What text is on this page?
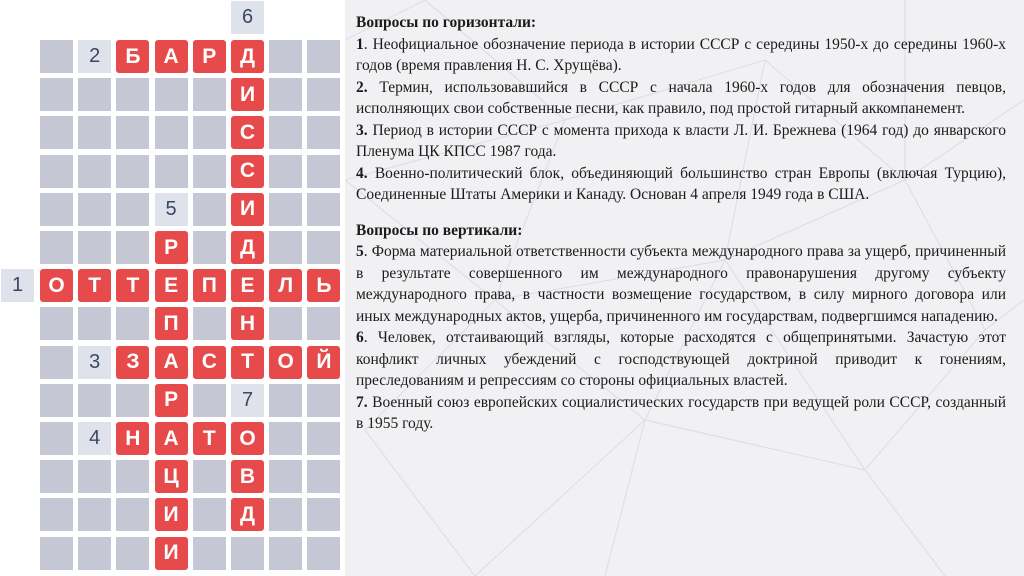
О	Т	Т	Е	П	Е	Л	Ь
Б	А	Р	Д
З	А	С	Т	О	Й
Н	А	Т	О
Р
П
Р
Ц
И
И
И
С
С
И
Д
Н
В
Д
1
2
3
4
5
6
7

Вопросы по горизонтали:

1. Неофициальное обозначение периода в истории СССР с середины 1950-х до середины 1960-х годов (время правления Н. С. Хрущёва).

2. Термин, использовавшийся в СССР с начала 1960-х годов для обозначения певцов, исполняющих свои собственные песни, как правило, под простой гитарный аккомпанемент.

3. Период в истории СССР с момента прихода к власти Л. И. Брежнева (1964 год) до январского Пленума ЦК КПСС 1987 года.

4. Военно-политический блок, объединяющий большинство стран Европы (включая Турцию), Соединенные Штаты Америки и Канаду. Основан 4 апреля 1949 года в США.

Вопросы по вертикали:

5. Форма материальной ответственности субъекта международного права за ущерб, причиненный в результате совершенного им международного правонарушения другому субъекту международного права, в частности возмещение государством, в силу мирного договора или иных международных актов, ущерба, причиненного им государствам, подвергшимся нападению.

6. Человек, отстаивающий взгляды, которые расходятся с общепринятыми. Зачастую этот конфликт личных убеждений с господствующей доктриной приводит к гонениям, преследованиям и репрессиям со стороны официальных властей.

7. Военный союз европейских социалистических государств при ведущей роли СССР, созданный в 1955 году.
